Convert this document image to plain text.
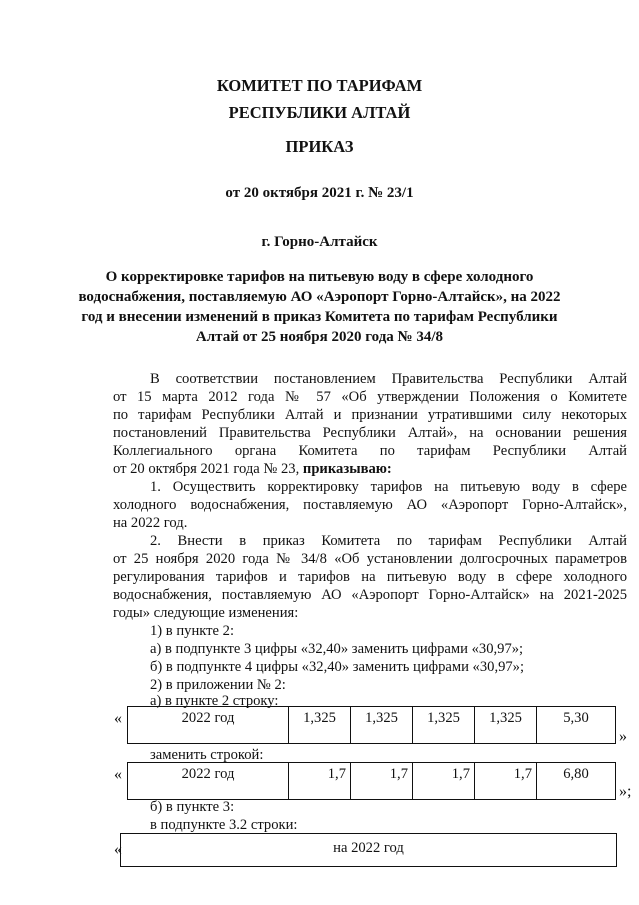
КОМИТЕТ ПО ТАРИФАМ
РЕСПУБЛИКИ АЛТАЙ
ПРИКАЗ
от 20 октября 2021 г. № 23/1
г. Горно-Алтайск
О корректировке тарифов на питьевую воду в сфере холодного
водоснабжения, поставляемую АО «Аэропорт Горно-Алтайск», на 2022
год и внесении изменений в приказ Комитета по тарифам Республики
Алтай от 25 ноября 2020 года № 34/8
В соответствии постановлением Правительства Республики Алтай
от 15 марта 2012 года № 57 «Об утверждении Положения о Комитете
по тарифам Республики Алтай и признании утратившими силу некоторых
постановлений Правительства Республики Алтай», на основании решения
Коллегиального органа Комитета по тарифам Республики Алтай
от 20 октября 2021 года № 23, приказываю:
1. Осуществить корректировку тарифов на питьевую воду в сфере
холодного водоснабжения, поставляемую АО «Аэропорт Горно-Алтайск»,
на 2022 год.
2. Внести в приказ Комитета по тарифам Республики Алтай
от 25 ноября 2020 года № 34/8 «Об установлении долгосрочных параметров
регулирования тарифов и тарифов на питьевую воду в сфере холодного
водоснабжения, поставляемую АО «Аэропорт Горно-Алтайск» на 2021-2025
годы» следующие изменения:
1) в пункте 2:
а) в подпункте 3 цифры «32,40» заменить цифрами «30,97»;
б) в подпункте 4 цифры «32,40» заменить цифрами «30,97»;
2) в приложении № 2:
а) в пункте 2 строку:
«	2022 год	1,325	1,325	1,325	1,325	5,30
»
заменить строкой:
«	2022 год	1,7	1,7	1,7	1,7	6,80
»;
б) в пункте 3:
в подпункте 3.2 строки:
«	на 2022 год
